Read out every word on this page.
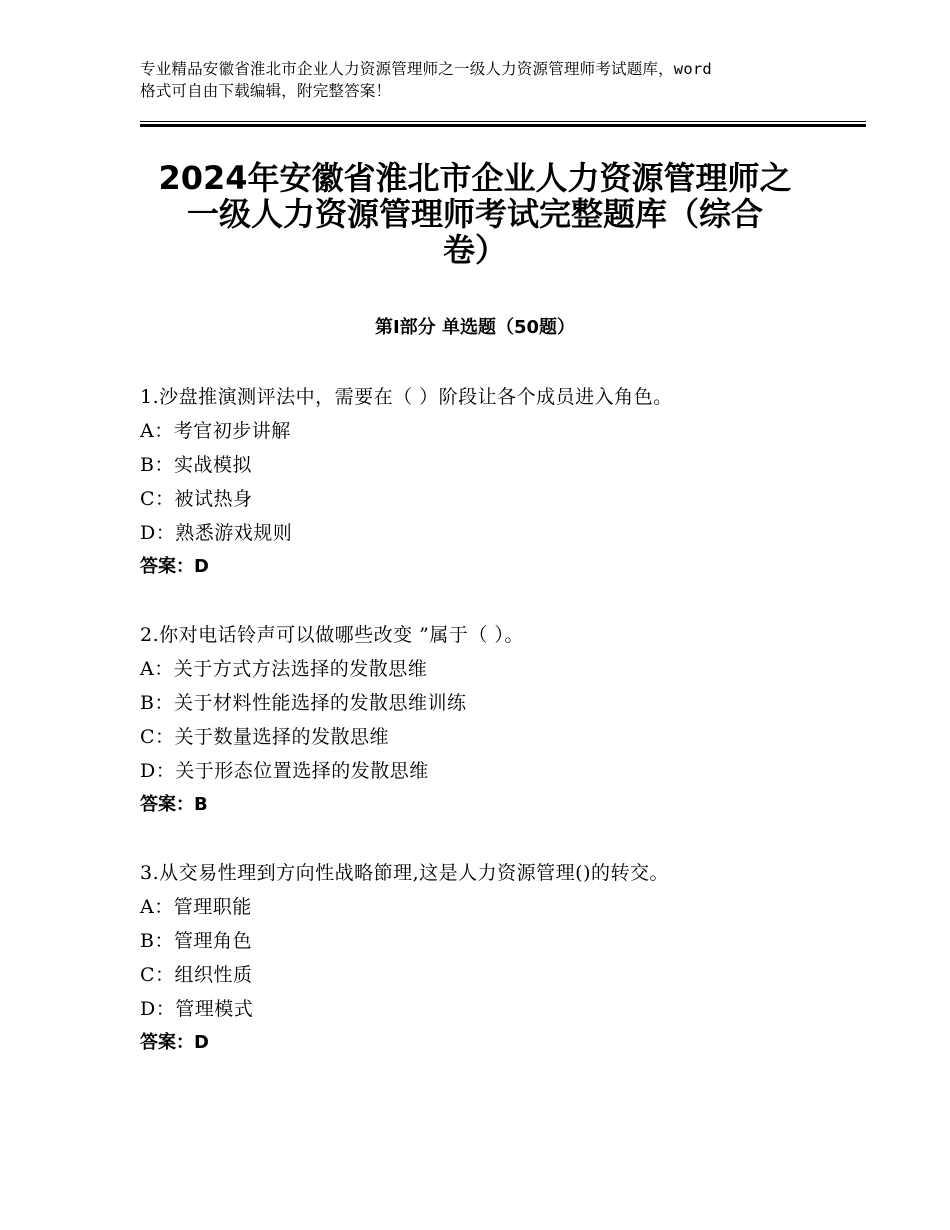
专业精品安徽省淮北市企业人力资源管理师之一级人力资源管理师考试题库，word
格式可自由下载编辑，附完整答案！
2024年安徽省淮北市企业人力资源管理师之
一级人力资源管理师考试完整题库（综合
卷）
第Ⅰ部分 单选题（50题）
1.沙盘推演测评法中，需要在（ ）阶段让各个成员进入角色。
A：考官初步讲解
B：实战模拟
C：被试热身
D：熟悉游戏规则
答案：D
2.你对电话铃声可以做哪些改变 ”属于（ ）。
A：关于方式方法选择的发散思维
B：关于材料性能选择的发散思维训练
C：关于数量选择的发散思维
D：关于形态位置选择的发散思维
答案：B
3.从交易性理到方向性战略節理,这是人力资源管理()的转交。
A：管理职能
B：管理角色
C：组织性质
D：管理模式
答案：D
